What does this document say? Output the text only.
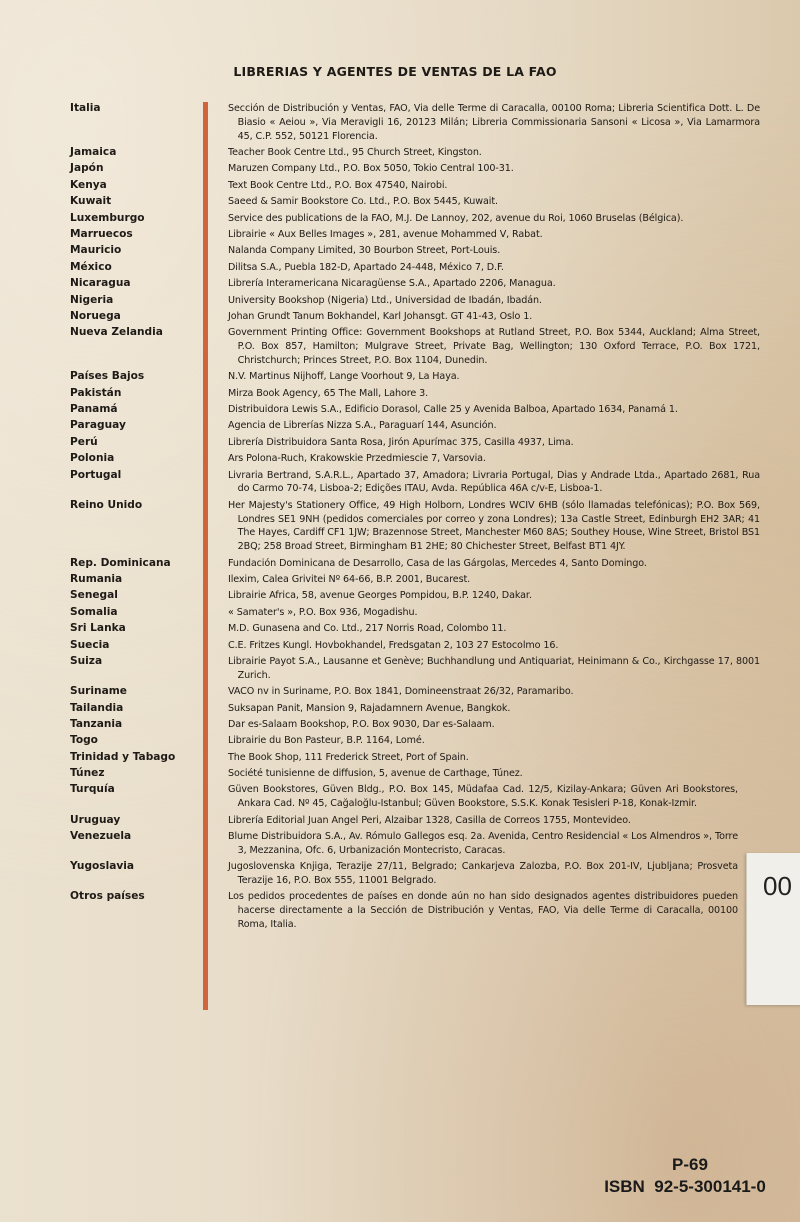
LIBRERIAS Y AGENTES DE VENTAS DE LA FAO
Italia	Sección de Distribución y Ventas, FAO, Via delle Terme di Caracalla, 00100 Roma; Libreria Scientifica Dott. L. De Biasio « Aeiou », Via Meravigli 16, 20123 Milán; Libreria Commissionaria Sansoni « Licosa », Via Lamarmora 45, C.P. 552, 50121 Florencia.
Jamaica	Teacher Book Centre Ltd., 95 Church Street, Kingston.
Japón	Maruzen Company Ltd., P.O. Box 5050, Tokio Central 100-31.
Kenya	Text Book Centre Ltd., P.O. Box 47540, Nairobi.
Kuwait	Saeed & Samir Bookstore Co. Ltd., P.O. Box 5445, Kuwait.
Luxemburgo	Service des publications de la FAO, M.J. De Lannoy, 202, avenue du Roi, 1060 Bruselas (Bélgica).
Marruecos	Librairie « Aux Belles Images », 281, avenue Mohammed V, Rabat.
Mauricio	Nalanda Company Limited, 30 Bourbon Street, Port-Louis.
México	Dilitsa S.A., Puebla 182-D, Apartado 24-448, México 7, D.F.
Nicaragua	Librería Interamericana Nicaragüense S.A., Apartado 2206, Managua.
Nigeria	University Bookshop (Nigeria) Ltd., Universidad de Ibadán, Ibadán.
Noruega	Johan Grundt Tanum Bokhandel, Karl Johansgt. GT 41-43, Oslo 1.
Nueva Zelandia	Government Printing Office: Government Bookshops at Rutland Street, P.O. Box 5344, Auckland; Alma Street, P.O. Box 857, Hamilton; Mulgrave Street, Private Bag, Wellington; 130 Oxford Terrace, P.O. Box 1721, Christchurch; Princes Street, P.O. Box 1104, Dunedin.
Países Bajos	N.V. Martinus Nijhoff, Lange Voorhout 9, La Haya.
Pakistán	Mirza Book Agency, 65 The Mall, Lahore 3.
Panamá	Distribuidora Lewis S.A., Edificio Dorasol, Calle 25 y Avenida Balboa, Apartado 1634, Panamá 1.
Paraguay	Agencia de Librerías Nizza S.A., Paraguarí 144, Asunción.
Perú	Librería Distribuidora Santa Rosa, Jirón Apurímac 375, Casilla 4937, Lima.
Polonia	Ars Polona-Ruch, Krakowskie Przedmiescie 7, Varsovia.
Portugal	Livraria Bertrand, S.A.R.L., Apartado 37, Amadora; Livraria Portugal, Dias y Andrade Ltda., Apartado 2681, Rua do Carmo 70-74, Lisboa-2; Edições ITAU, Avda. República 46A c/v-E, Lisboa-1.
Reino Unido	Her Majesty's Stationery Office, 49 High Holborn, Londres WCIV 6HB (sólo llamadas telefónicas); P.O. Box 569, Londres SE1 9NH (pedidos comerciales por correo y zona Londres); 13a Castle Street, Edinburgh EH2 3AR; 41 The Hayes, Cardiff CF1 1JW; Brazennose Street, Manchester M60 8AS; Southey House, Wine Street, Bristol BS1 2BQ; 258 Broad Street, Birmingham B1 2HE; 80 Chichester Street, Belfast BT1 4JY.
Rep. Dominicana	Fundación Dominicana de Desarrollo, Casa de las Gárgolas, Mercedes 4, Santo Domingo.
Rumania	Ilexim, Calea Grivitei Nº 64-66, B.P. 2001, Bucarest.
Senegal	Librairie Africa, 58, avenue Georges Pompidou, B.P. 1240, Dakar.
Somalia	« Samater's », P.O. Box 936, Mogadishu.
Sri Lanka	M.D. Gunasena and Co. Ltd., 217 Norris Road, Colombo 11.
Suecia	C.E. Fritzes Kungl. Hovbokhandel, Fredsgatan 2, 103 27 Estocolmo 16.
Suiza	Librairie Payot S.A., Lausanne et Genève; Buchhandlung und Antiquariat, Heinimann & Co., Kirchgasse 17, 8001 Zurich.
Suriname	VACO nv in Suriname, P.O. Box 1841, Domineenstraat 26/32, Paramaribo.
Tailandia	Suksapan Panit, Mansion 9, Rajadamnern Avenue, Bangkok.
Tanzania	Dar es-Salaam Bookshop, P.O. Box 9030, Dar es-Salaam.
Togo	Librairie du Bon Pasteur, B.P. 1164, Lomé.
Trinidad y Tabago	The Book Shop, 111 Frederick Street, Port of Spain.
Túnez	Société tunisienne de diffusion, 5, avenue de Carthage, Túnez.
Turquía	Güven Bookstores, Güven Bldg., P.O. Box 145, Müdafaa Cad. 12/5, Kizilay-Ankara; Güven Ari Bookstores, Ankara Cad. Nº 45, Cağaloğlu-Istanbul; Güven Bookstore, S.S.K. Konak Tesisleri P-18, Konak-Izmir.
Uruguay	Librería Editorial Juan Angel Peri, Alzaibar 1328, Casilla de Correos 1755, Montevideo.
Venezuela	Blume Distribuidora S.A., Av. Rómulo Gallegos esq. 2a. Avenida, Centro Residencial « Los Almendros », Torre 3, Mezzanina, Ofc. 6, Urbanización Montecristo, Caracas.
Yugoslavia	Jugoslovenska Knjiga, Terazije 27/11, Belgrado; Cankarjeva Zalozba, P.O. Box 201-IV, Ljubljana; Prosveta Terazije 16, P.O. Box 555, 11001 Belgrado.
Otros países	Los pedidos procedentes de países en donde aún no han sido designados agentes distribuidores pueden hacerse directamente a la Sección de Distribución y Ventas, FAO, Via delle Terme di Caracalla, 00100 Roma, Italia.
00
P-69
ISBN  92-5-300141-0
